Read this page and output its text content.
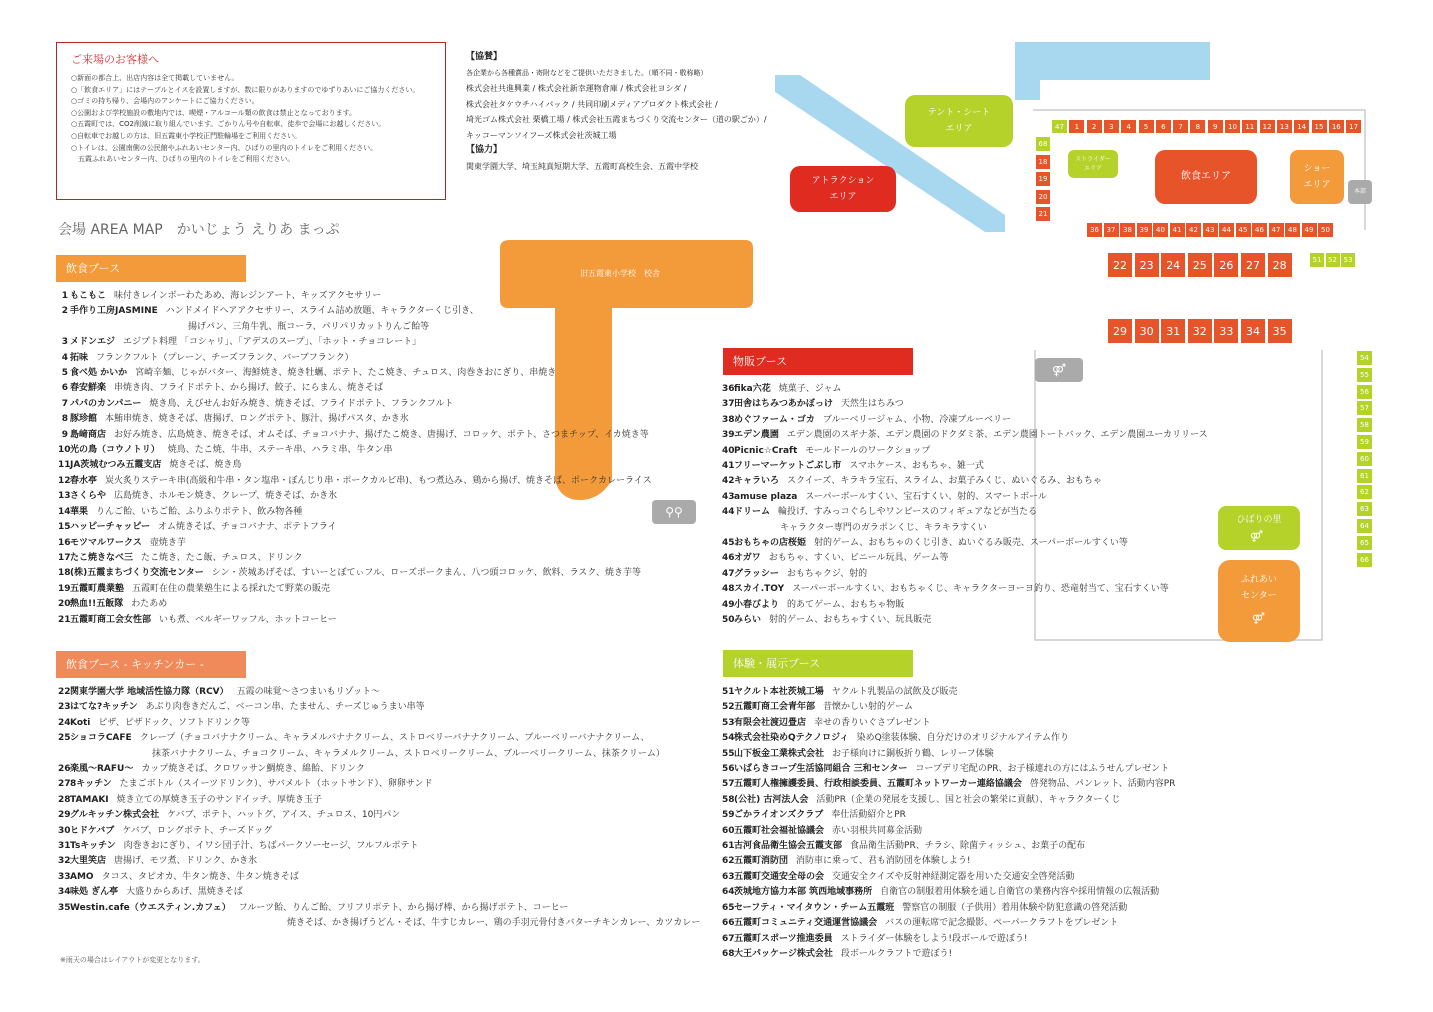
ご来場のお客様へ
○新面の都合上、出店内容は全て掲載していません。
○「飲食エリア」にはテーブルとイスを設置しますが、数に限りがありますのでゆずりあいにご協力ください。
○ゴミの持ち帰り、会場内のアンケートにご協力ください。
○公園および学校施設の敷地内では、喫煙・アルコール類の飲食は禁止となっております。
○五霞町では、CO2削減に取り組んでいます。ごかりん号や自転車、徒歩で会場にお越しください。
○自転車でお越しの方は、旧五霞東小学校正門駐輪場をご利用ください。
○トイレは、公園南側の公民館やふれあいセンター内、ひばりの里内のトイレをご利用ください。
　五霞ふれあいセンター内、ひばりの里内のトイレをご利用ください。
【協賛】
各企業から各種賞品・寄附などをご提供いただきました。（順不同・敬称略）
株式会社共進興業 / 株式会社新幸運物倉庫 / 株式会社ヨシダ /
株式会社タケウチハイパック / 共同印刷メディアプロダクト株式会社 /
埼光ゴム株式会社 栗橋工場 / 株式会社五霞まちづくり交流センター（道の駅ごか）/
キッコーマンソイフーズ株式会社茨城工場
【協力】
関東学園大学、埼玉純真短期大学、五霞町高校生会、五霞中学校
会場 AREA MAP　かいじょう えりあ まっぷ
旧五霞東小学校　校舎
テント・シート
エリア
アトラクション
エリア
ストライダー
エリア
飲食エリア
ショー
エリア
本部
ひばりの里
⚤
ふれあい
センター
⚤
⚲⚲
⚤
47	1	2	3	4	5	6	7	8	9	10	11	12	13	14	15	16	17
68
18
19
20
21
36	37	38	39	40	41	42	43	44	45	46	47	48	49	50
22	23	24	25	26	27	28
29	30	31	32	33	34	35
51 52 53
54
55
56
57
58
59
60
61
62
63
64
65
66
飲食ブース
1 もこもこ 味付きレインボーわたあめ、海レジンアート、キッズアクセサリー
2 手作り工房JASMINE ハンドメイドヘアアクセサリー、スライム詰め放題、キャラクターくじ引き、
揚げパン、三角牛乳、瓶コーラ、パリパリカットりんご飴等
3 メドンエジ エジプト料理 「コシャリ」、「アデスのスープ」、「ホット・チョコレート」
4 拓味 フランクフルト（プレーン、チーズフランク、バーブフランク）
5 食べ処 かいか 宮崎辛麺、じゃがバター、海鮮焼き、焼き牡蠣、ポテト、たこ焼き、チュロス、肉巻きおにぎり、串焼き
6 春安鮮楽 串焼き肉、フライドポテト、から揚げ、餃子、にらまん、焼きそば
7 パパのカンパニー 焼き鳥、えびせんお好み焼き、焼きそば、フライドポテト、フランクフルト
8 豚珍館 本鮪串焼き、焼きそば、唐揚げ、ロングポテト、豚汁、揚げパスタ、かき氷
9 島﨑商店 お好み焼き、広島焼き、焼きそば、オムそば、チョコバナナ、揚げたこ焼き、唐揚げ、コロッケ、ポテト、さつまチップ、イカ焼き等
10 光の鳥（コウノトリ） 焼鳥、たこ焼、牛串、ステーキ串、ハラミ串、牛タン串
11 JA茨城むつみ五霞支店 焼きそば、焼き鳥
12 春水亭 炭火炙りステーキ串(高級和牛串・タン塩串・ぼんじり串・ポークカルビ串)、もつ煮込み、鶏から揚げ、焼きそば、ポークカレーライス
13 さくらや 広島焼き、ホルモン焼き、クレープ、焼きそば、かき氷
14 華果 りんご飴、いちご飴、ふりふりポテト、飲み物各種
15 ハッピーチャッピー オム焼きそば、チョコバナナ、ポテトフライ
16 モツマルワークス 壺焼き芋
17 たこ焼きなべ三 たこ焼き、たこ飯、チュロス、ドリンク
18 (株)五霞まちづくり交流センター シン・茨城あげそば、すいーとぼてぃフル、ローズポークまん、八つ頭コロッケ、飲料、ラスク、焼き芋等
19 五霞町農業塾 五霞町在住の農業塾生による採れたて野菜の販売
20 熱血!!五飯隊 わたあめ
21 五霞町商工会女性部 いも煮、ベルギーワッフル、ホットコーヒー
飲食ブース - キッチンカー -
22 関東学園大学 地域活性協力隊（RCV） 五霞の味覚〜さつまいもリゾット〜
23 はてな?キッチン あぶり肉巻きだんご、ベーコン串、たません、チーズじゅうまい串等
24 Koti ピザ、ピザドック、ソフトドリンク等
25 ショコラCAFE クレープ（チョコバナナクリーム、キャラメルバナナクリーム、ストロベリーバナナクリーム、ブルーベリーバナナクリーム、
抹茶バナナクリーム、チョコクリーム、キャラメルクリーム、ストロベリークリーム、ブルーベリークリーム、抹茶クリーム）
26 楽風〜RAFU〜 カップ焼きそば、クロワッサン鯛焼き、綿飴、ドリンク
27 8キッチン たまごボトル（スイーツドリンク）、サバメルト（ホットサンド）、卵卵サンド
28 TAMAKI 焼き立ての厚焼き玉子のサンドイッチ、厚焼き玉子
29 グルキッチン株式会社 ケバブ、ポテト、ハットグ、アイス、チュロス、10円パン
30 ヒドケバブ ケバブ、ロングポテト、チーズドッグ
31 Tsキッチン 肉巻きおにぎり、イワシ団子汁、ちばパークソーセージ、フルフルポテト
32 大里笑店 唐揚げ、モツ煮、ドリンク、かき氷
33 AMO タコス、タピオカ、牛タン焼き、牛タン焼きそば
34 味処 ぎん亭 大盛りからあげ、黒焼きそば
35 Westin.cafe（ウエスティン.カフェ） フルーツ飴、りんご飴、フリフリポテト、から揚げ棒、から揚げポテト、コーヒー
焼きそば、かき揚げうどん・そば、牛すじカレー、鶏の手羽元骨付きバターチキンカレー、カツカレー
物販ブース
36 fika六花 焼菓子、ジャム
37 田舎はちみつあかぼっけ 天然生はちみつ
38 めぐファーム・ゴカ ブルーベリージャム、小物、冷凍ブルーベリー
39 エデン農園 エデン農園のスギナ茶、エデン農園のドクダミ茶、エデン農園トートバック、エデン農園ユーカリリース
40 Picnic☆Craft モールドールのワークショップ
41 フリーマーケットごぶし市 スマホケース、おもちゃ、雑一式
42 キャラいろ スクイーズ、キラキラ宝石、スライム、お菓子みくじ、ぬいぐるみ、おもちゃ
43 amuse plaza スーパーボールすくい、宝石すくい、射的、スマートボール
44 ドリーム 輪投げ、すみっコぐらしやワンピースのフィギュアなどが当たる
キャラクター専門のガラポンくじ、キラキラすくい
45 おもちゃの店桜姫 射的ゲーム、おもちゃのくじ引き、ぬいぐるみ販売、スーパーボールすくい等
46 オガワ おもちゃ、すくい、ビニール玩具、ゲーム等
47 グラッシー おもちゃクジ、射的
48 スカイ.TOY スーパーボールすくい、おもちゃくじ、キャラクターヨーヨ釣り、恐竜射当て、宝石すくい等
49 小春びより 的あてゲーム、おもちゃ物販
50 みらい 射的ゲーム、おもちゃすくい、玩具販売
体験・展示ブース
51 ヤクルト本社茨城工場 ヤクルト乳製品の試飲及び販売
52 五霞町商工会青年部 昔懐かしい射的ゲーム
53 有限会社渡辺畳店 幸せの香りいぐさプレゼント
54 株式会社染めQテクノロジィ 染めQ塗装体験、自分だけのオリジナルアイテム作り
55 山下板金工業株式会社 お子様向けに銅板折り鶴、レリーフ体験
56 いばらきコープ生活協同組合 三和センター コープデリ宅配のPR、お子様連れの方にはふうせんプレゼント
57 五霞町人権擁護委員、行政相談委員、五霞町ネットワーカー連絡協議会 啓発物品、パンレット、活動内容PR
58 (公社) 古河法人会 活動PR（企業の発展を支援し、国と社会の繁栄に貢献）、キャラクターくじ
59 ごかライオンズクラブ 奉仕活動紹介とPR
60 五霞町社会福祉協議会 赤い羽根共同募金活動
61 古河食品衛生協会五霞支部 食品衛生活動PR、チラシ、除菌ティッシュ、お菓子の配布
62 五霞町消防団 消防車に乗って、君も消防団を体験しよう!
63 五霞町交通安全母の会 交通安全クイズや反射神経測定器を用いた交通安全啓発活動
64 茨城地方協力本部 筑西地域事務所 自衛官の制服着用体験を通し自衛官の業務内容や採用情報の広報活動
65 セーフティ・マイタウン・チーム五霞班 警察官の制服（子供用）着用体験や防犯意識の啓発活動
66 五霞町コミュニティ交通運営協議会 バスの運転席で記念撮影、ペーパークラフトをプレゼント
67 五霞町スポーツ推進委員 ストライダー体験をしよう!段ボールで遊ぼう!
68 大王パッケージ株式会社 段ボールクラフトで遊ぼう!
※雨天の場合はレイアウトが変更となります。
